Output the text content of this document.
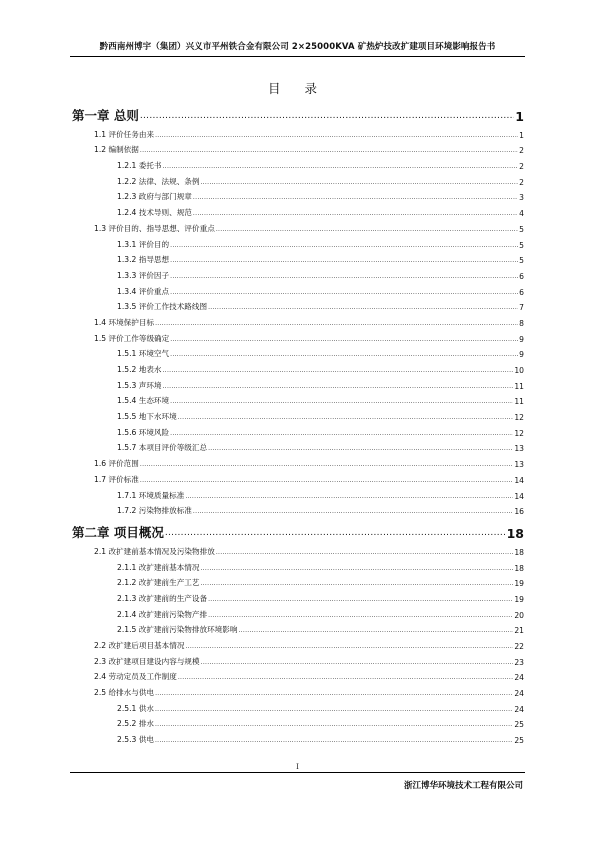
黔西南州博宇（集团）兴义市平州铁合金有限公司 2×25000KVA 矿热炉技改扩建项目环境影响报告书
目 录
第一章 总则 .....	1
1.1 评价任务由来 .....	1
1.2 编制依据 .....	2
1.2.1 委托书 .....	2
1.2.2 法律、法规、条例 .....	2
1.2.3 政府与部门规章 .....	3
1.2.4 技术导则、规范 .....	4
1.3 评价目的、指导思想、评价重点 .....	5
1.3.1 评价目的 .....	5
1.3.2 指导思想 .....	5
1.3.3 评价因子 .....	6
1.3.4 评价重点 .....	6
1.3.5 评价工作技术路线图 .....	7
1.4 环境保护目标 .....	8
1.5 评价工作等级确定 .....	9
1.5.1 环境空气 .....	9
1.5.2 地表水 .....	10
1.5.3 声环境 .....	11
1.5.4 生态环境 .....	11
1.5.5 地下水环境 .....	12
1.5.6 环境风险 .....	12
1.5.7 本项目评价等级汇总 .....	13
1.6 评价范围 .....	13
1.7 评价标准 .....	14
1.7.1 环境质量标准 .....	14
1.7.2 污染物排放标准 .....	16
第二章 项目概况 .....	18
2.1 改扩建前基本情况及污染物排放 .....	18
2.1.1 改扩建前基本情况 .....	18
2.1.2 改扩建前生产工艺 .....	19
2.1.3 改扩建前的生产设备 .....	19
2.1.4 改扩建前污染物产排 .....	20
2.1.5 改扩建前污染物排放环境影响 .....	21
2.2 改扩建后项目基本情况 .....	22
2.3 改扩建项目建设内容与规模 .....	23
2.4 劳动定员及工作制度 .....	24
2.5 给排水与供电 .....	24
2.5.1 供水 .....	24
2.5.2 排水 .....	25
2.5.3 供电 .....	25
I
浙江博华环境技术工程有限公司
